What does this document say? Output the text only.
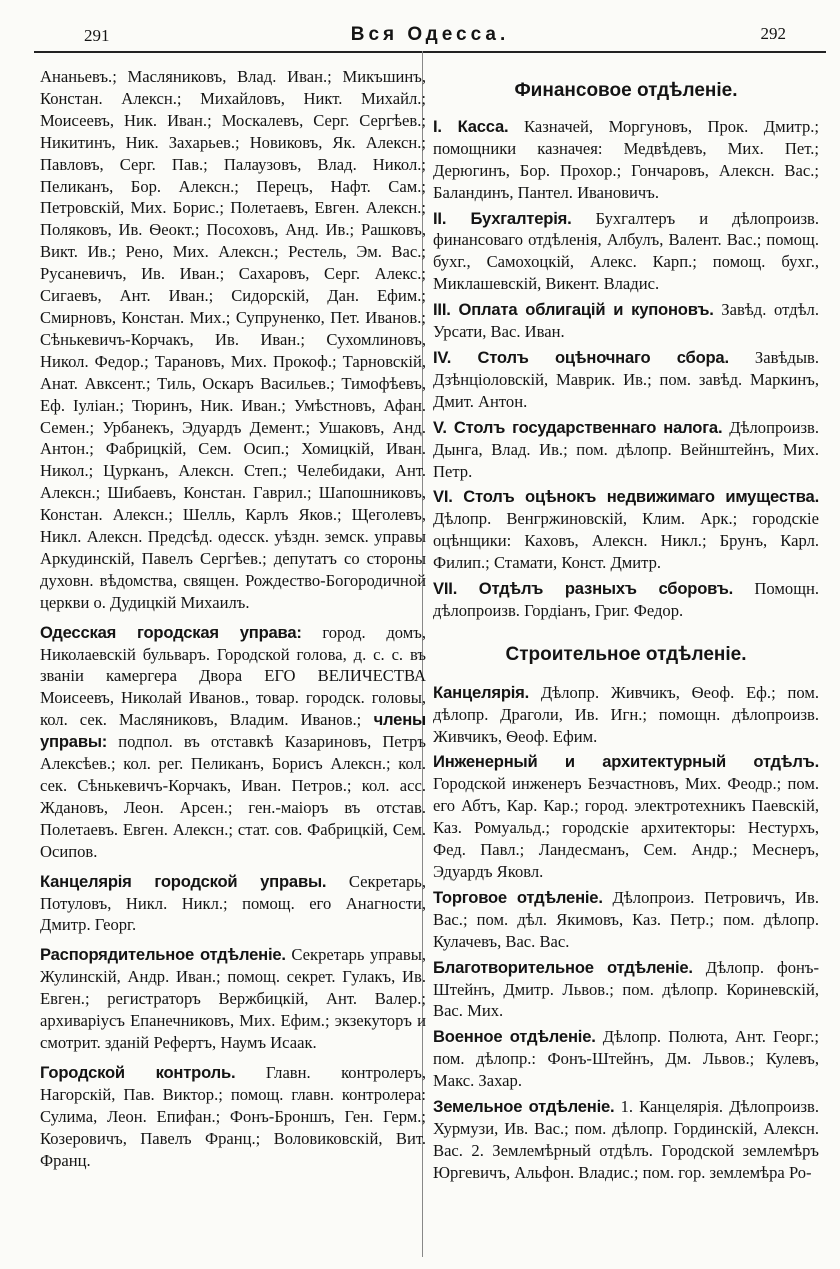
291	Вся Одесса.	292

Ананьевъ.; Масляниковъ, Влад. Иван.; Микъшинъ, Констан. Алексн.; Михайловъ, Никт. Михайл.; Моисеевъ, Ник. Иван.; Москалевъ, Серг. Сергѣев.; Никитинъ, Ник. Захарьев.; Новиковъ, Як. Алексн.; Павловъ, Серг. Пав.; Палаузовъ, Влад. Никол.; Пеликанъ, Бор. Алексн.; Перецъ, Нафт. Сам.; Петровскій, Мих. Борис.; Полетаевъ, Евген. Алексн.; Поляковъ, Ив. Ѳеокт.; Посоховъ, Анд. Ив.; Рашковъ, Викт. Ив.; Рено, Мих. Алексн.; Рестель, Эм. Вас.; Русаневичъ, Ив. Иван.; Сахаровъ, Серг. Алекс.; Сигаевъ, Ант. Иван.; Сидорскій, Дан. Ефим.; Смирновъ, Констан. Мих.; Супруненко, Пет. Иванов.; Сѣнькевичъ-Корчакъ, Ив. Иван.; Сухомлиновъ, Никол. Федор.; Тарановъ, Мих. Прокоф.; Тарновскій, Анат. Авксент.; Тиль, Оскаръ Васильев.; Тимофѣевъ, Еф. Іуліан.; Тюринъ, Ник. Иван.; Умѣстновъ, Афан. Семен.; Урбанекъ, Эдуардъ Демент.; Ушаковъ, Анд. Антон.; Фабрицкій, Сем. Осип.; Хомицкій, Иван. Никол.; Цурканъ, Алексн. Степ.; Челебидаки, Ант. Алексн.; Шибаевъ, Констан. Гаврил.; Шапошниковъ, Констан. Алексн.; Шелль, Карлъ Яков.; Щеголевъ, Никл. Алексн. Предсѣд. одесск. уѣздн. земск. управы Аркудинскій, Павелъ Сергѣев.; депутатъ со стороны духовн. вѣдомства, священ. Рождество-Богородичной церкви о. Дудицкій Михаилъ.

Одесская городская управа: город. домъ, Николаевскій бульваръ. Городской голова, д. с. с. въ званіи камергера Двора ЕГО ВЕЛИЧЕСТВА Моисеевъ, Николай Иванов., товар. городск. головы, кол. сек. Масляниковъ, Владим. Иванов.; члены управы: подпол. въ отставкѣ Казариновъ, Петръ Алексѣев.; кол. рег. Пеликанъ, Борисъ Алексн.; кол. сек. Сѣнькевичъ-Корчакъ, Иван. Петров.; кол. асс. Ждановъ, Леон. Арсен.; ген.-маіоръ въ отстав. Полетаевъ. Евген. Алексн.; стат. сов. Фабрицкій, Сем. Осипов.

Канцелярія городской управы. Секретарь, Потуловъ, Никл. Никл.; помощ. его Анагности, Дмитр. Георг.

Распорядительное отдѣленіе. Секретарь управы, Жулинскій, Андр. Иван.; помощ. секрет. Гулакъ, Ив. Евген.; регистраторъ Вержбицкій, Ант. Валер.; архиваріусъ Епанечниковъ, Мих. Ефим.; экзекуторъ и смотрит. зданій Рефертъ, Наумъ Исаак.

Городской контроль. Главн. контролеръ, Нагорскій, Пав. Виктор.; помощ. главн. контролера: Сулима, Леон. Епифан.; Фонъ-Броншъ, Ген. Герм.; Козеровичъ, Павелъ Франц.; Воловиковскій, Вит. Франц.

Финансовое отдѣленіе.

I. Касса. Казначей, Моргуновъ, Прок. Дмитр.; помощники казначея: Медвѣдевъ, Мих. Пет.; Дерюгинъ, Бор. Прохор.; Гончаровъ, Алексн. Вас.; Баландинъ, Пантел. Ивановичъ.

II. Бухгалтерія. Бухгалтеръ и дѣлопроизв. финансоваго отдѣленія, Албулъ, Валент. Вас.; помощ. бухг., Самохоцкій, Алекс. Карп.; помощ. бухг., Миклашевскій, Викент. Владис.

III. Оплата облигацій и купоновъ. Завѣд. отдѣл. Урсати, Вас. Иван.

IV. Столъ оцѣночнаго сбора. Завѣдыв. Дзѣнціоловскій, Маврик. Ив.; пом. завѣд. Маркинъ, Дмит. Антон.

V. Столъ государственнаго налога. Дѣлопроизв. Дынга, Влад. Ив.; пом. дѣлопр. Вейнштейнъ, Мих. Петр.

VI. Столъ оцѣнокъ недвижимаго имущества. Дѣлопр. Венгржиновскій, Клим. Арк.; городскіе оцѣнщики: Каховъ, Алексн. Никл.; Брунъ, Карл. Филип.; Стамати, Конст. Дмитр.

VII. Отдѣлъ разныхъ сборовъ. Помощн. дѣлопроизв. Гордіанъ, Григ. Федор.

Строительное отдѣленіе.

Канцелярія. Дѣлопр. Живчикъ, Ѳеоф. Еф.; пом. дѣлопр. Драголи, Ив. Игн.; помощн. дѣлопроизв. Живчикъ, Ѳеоф. Ефим.

Инженерный и архитектурный отдѣлъ. Городской инженеръ Безчастновъ, Мих. Феодр.; пом. его Абтъ, Кар. Кар.; город. электротехникъ Паевскій, Каз. Ромуальд.; городскіе архитекторы: Нестурхъ, Фед. Павл.; Ландесманъ, Сем. Андр.; Меснеръ, Эдуардъ Яковл.

Торговое отдѣленіе. Дѣлопроиз. Петровичъ, Ив. Вас.; пом. дѣл. Якимовъ, Каз. Петр.; пом. дѣлопр. Кулачевъ, Вас. Вас.

Благотворительное отдѣленіе. Дѣлопр. фонъ-Штейнъ, Дмитр. Львов.; пом. дѣлопр. Кориневскій, Вас. Мих.

Военное отдѣленіе. Дѣлопр. Полюта, Ант. Георг.; пом. дѣлопр.: Фонъ-Штейнъ, Дм. Львов.; Кулевъ, Макс. Захар.

Земельное отдѣленіе. 1. Канцелярія. Дѣлопроизв. Хурмузи, Ив. Вас.; пом. дѣлопр. Гординскій, Алексн. Вас. 2. Землемѣрный отдѣлъ. Городской землемѣръ Юргевичъ, Альфон. Владис.; пом. гор. землемѣра Ро-
